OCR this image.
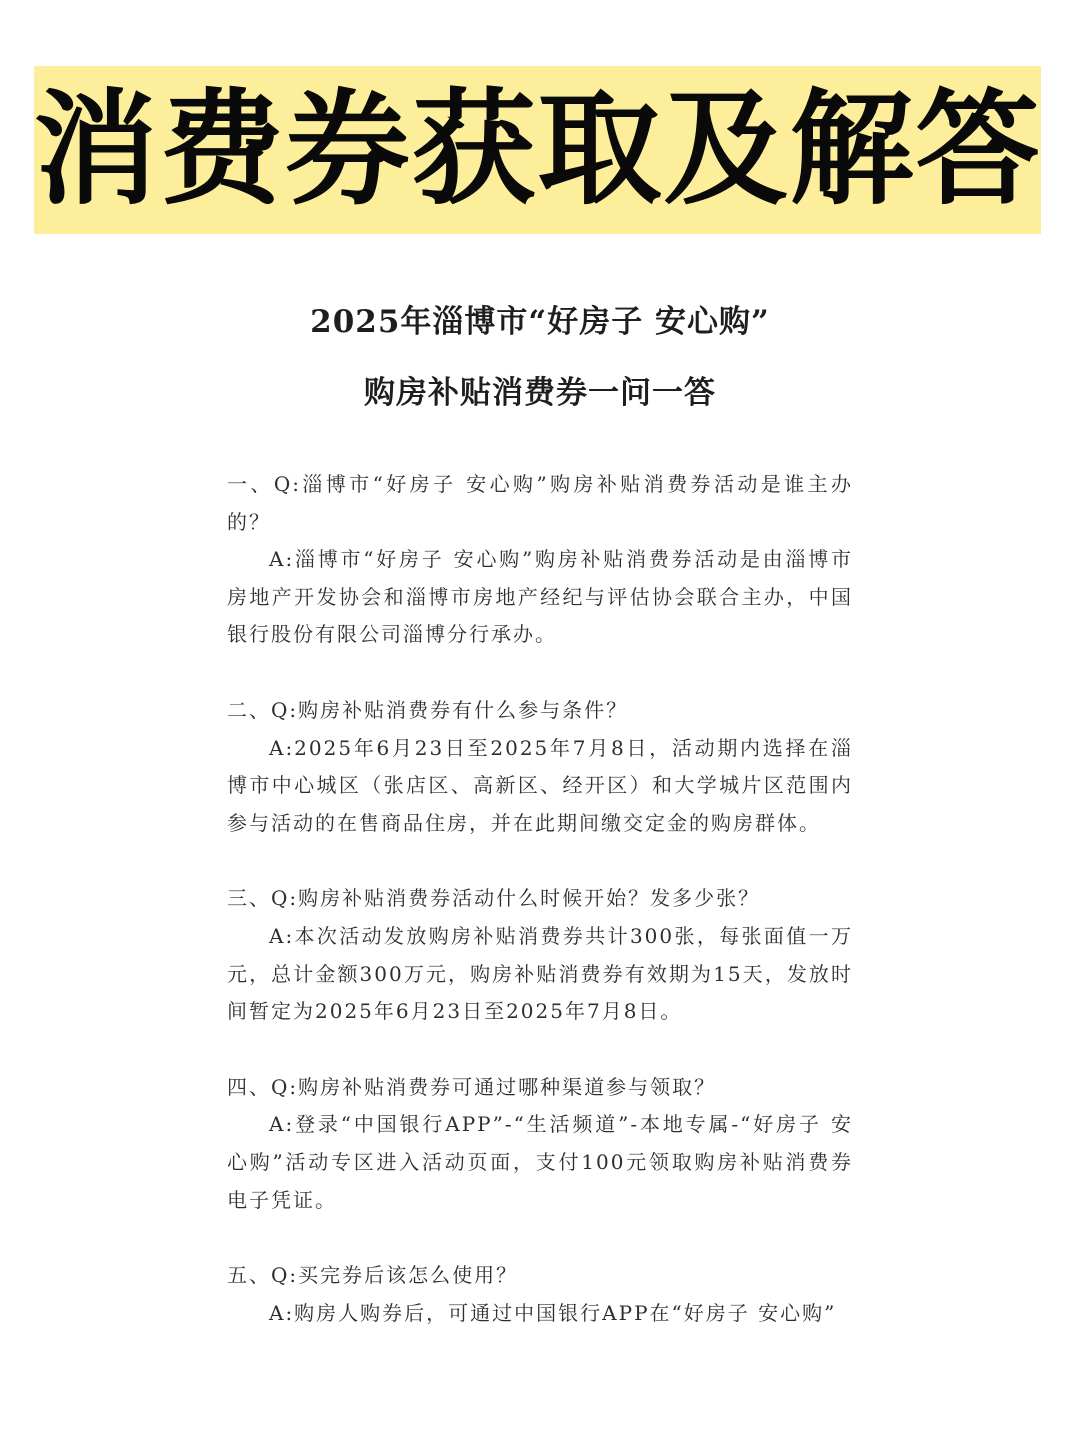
消费券获取及解答
2025年淄博市“好房子 安心购”
购房补贴消费券一问一答
一、Q:淄博市“好房子 安心购”购房补贴消费券活动是谁主办的？
A:淄博市“好房子 安心购”购房补贴消费券活动是由淄博市房地产开发协会和淄博市房地产经纪与评估协会联合主办，中国银行股份有限公司淄博分行承办。
二、Q:购房补贴消费券有什么参与条件？
A:2025年6月23日至2025年7月8日，活动期内选择在淄博市中心城区（张店区、高新区、经开区）和大学城片区范围内参与活动的在售商品住房，并在此期间缴交定金的购房群体。
三、Q:购房补贴消费券活动什么时候开始？发多少张？
A:本次活动发放购房补贴消费券共计300张，每张面值一万元，总计金额300万元，购房补贴消费券有效期为15天，发放时间暂定为2025年6月23日至2025年7月8日。
四、Q:购房补贴消费券可通过哪种渠道参与领取？
A:登录“中国银行APP”-“生活频道”-本地专属-“好房子 安心购”活动专区进入活动页面，支付100元领取购房补贴消费券电子凭证。
五、Q:买完券后该怎么使用？
A:购房人购券后，可通过中国银行APP在“好房子 安心购”
